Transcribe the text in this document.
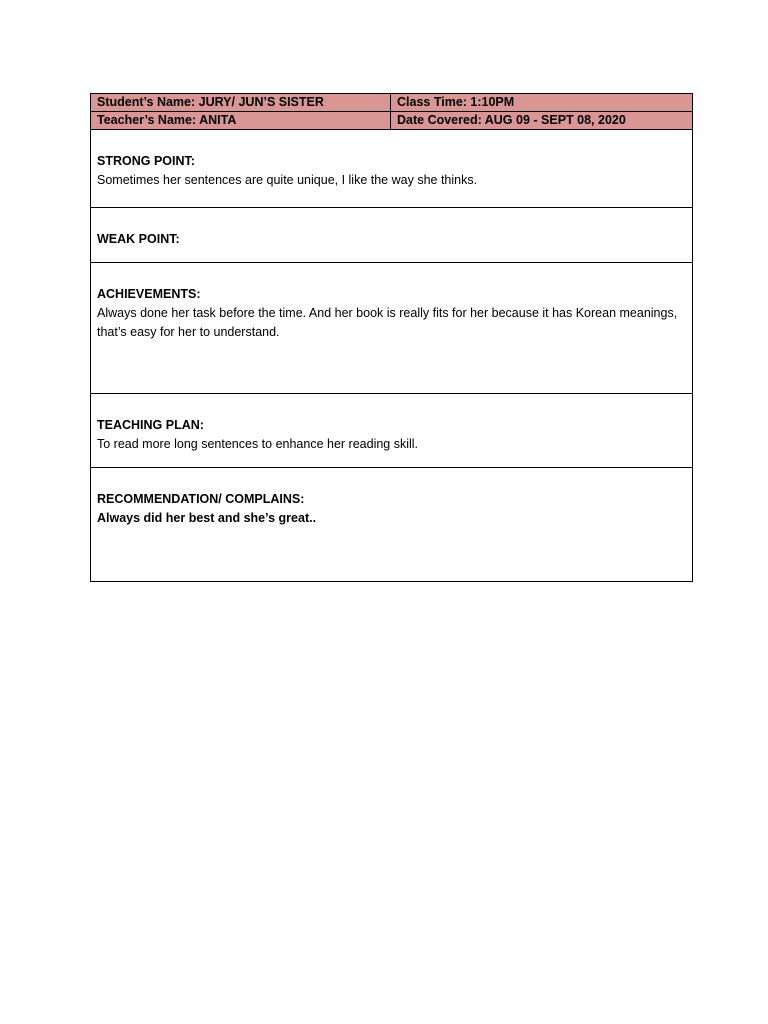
Student’s Name: JURY/ JUN’S SISTER	Class Time: 1:10PM
Teacher’s Name: ANITA	Date Covered: AUG 09 - SEPT 08, 2020

STRONG POINT:
Sometimes her sentences are quite unique, I like the way she thinks.	

WEAK POINT:	

ACHIEVEMENTS:
Always done her task before the time. And her book is really fits for her because it has Korean meanings, that’s easy for her to understand.	

TEACHING PLAN:
To read more long sentences to enhance her reading skill.	

RECOMMENDATION/ COMPLAINS:
Always did her best and she’s great..	
